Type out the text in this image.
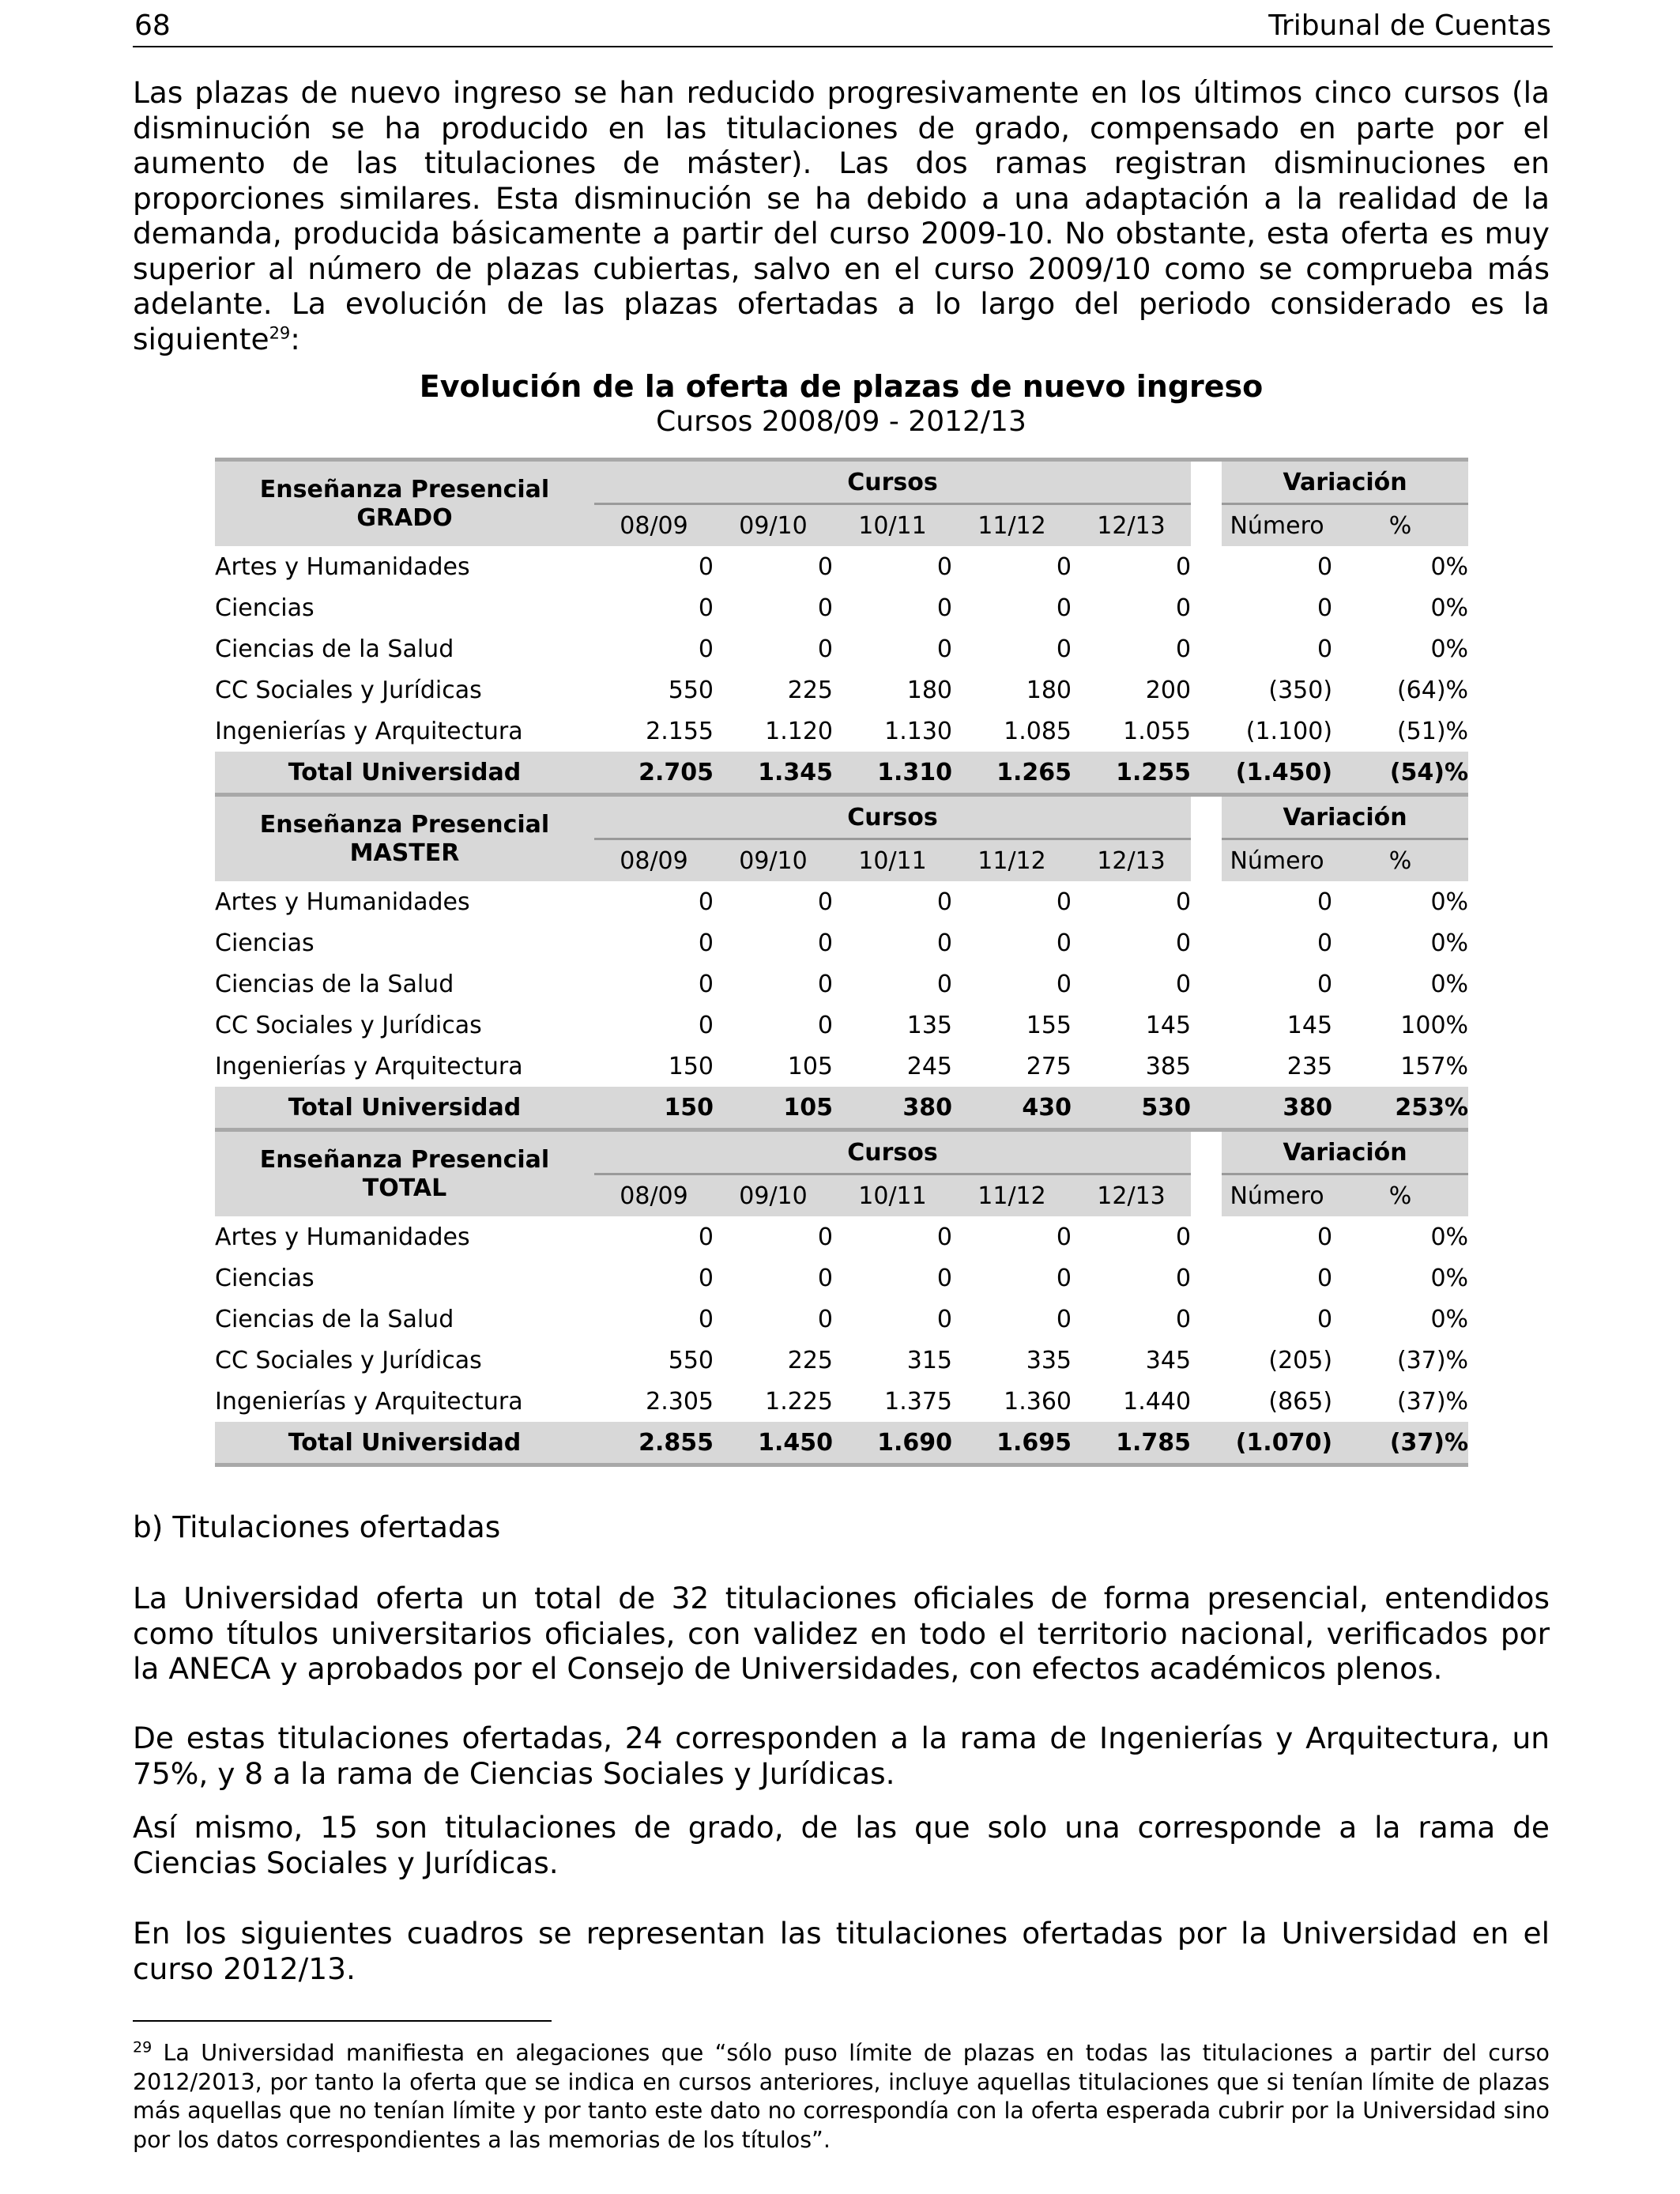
68	Tribunal de Cuentas

Las plazas de nuevo ingreso se han reducido progresivamente en los últimos cinco cursos (la disminución se ha producido en las titulaciones de grado, compensado en parte por el aumento de las titulaciones de máster). Las dos ramas registran disminuciones en proporciones similares. Esta disminución se ha debido a una adaptación a la realidad de la demanda, producida básicamente a partir del curso 2009-10. No obstante, esta oferta es muy superior al número de plazas cubiertas, salvo en el curso 2009/10 como se comprueba más adelante. La evolución de las plazas ofertadas a lo largo del periodo considerado es la siguiente$^{29}$:

Evolución de la oferta de plazas de nuevo ingreso
Cursos 2008/09 - 2012/13
Enseñanza Presencial
GRADO	Cursos						Variación	
	08/09	09/10	10/11	11/12	12/13		Número	%
Artes y Humanidades	0	0	0	0	0		0	0%
Ciencias	0	0	0	0	0		0	0%
Ciencias de la Salud	0	0	0	0	0		0	0%
CC Sociales y Jurídicas	550	225	180	180	200		(350)	(64)%
Ingenierías y Arquitectura	2.155	1.120	1.130	1.085	1.055		(1.100)	(51)%
Total Universidad	2.705	1.345	1.310	1.265	1.255		(1.450)	(54)%

Enseñanza Presencial
MASTER	Cursos						Variación	
	08/09	09/10	10/11	11/12	12/13		Número	%
Artes y Humanidades	0	0	0	0	0		0	0%
Ciencias	0	0	0	0	0		0	0%
Ciencias de la Salud	0	0	0	0	0		0	0%
CC Sociales y Jurídicas	0	0	135	155	145		145	100%
Ingenierías y Arquitectura	150	105	245	275	385		235	157%
Total Universidad	150	105	380	430	530		380	253%

Enseñanza Presencial
TOTAL	Cursos						Variación	
	08/09	09/10	10/11	11/12	12/13		Número	%
Artes y Humanidades	0	0	0	0	0		0	0%
Ciencias	0	0	0	0	0		0	0%
Ciencias de la Salud	0	0	0	0	0		0	0%
CC Sociales y Jurídicas	550	225	315	335	345		(205)	(37)%
Ingenierías y Arquitectura	2.305	1.225	1.375	1.360	1.440		(865)	(37)%
Total Universidad	2.855	1.450	1.690	1.695	1.785		(1.070)	(37)%
b) Titulaciones ofertadas
La Universidad oferta un total de 32 titulaciones oficiales de forma presencial, entendidos como títulos universitarios oficiales, con validez en todo el territorio nacional, verificados por la ANECA y aprobados por el Consejo de Universidades, con efectos académicos plenos.
De estas titulaciones ofertadas, 24 corresponden a la rama de Ingenierías y Arquitectura, un 75%, y 8 a la rama de Ciencias Sociales y Jurídicas.
Así mismo, 15 son titulaciones de grado, de las que solo una corresponde a la rama de Ciencias Sociales y Jurídicas.
En los siguientes cuadros se representan las titulaciones ofertadas por la Universidad en el curso 2012/13.

$^{29}$ La Universidad manifiesta en alegaciones que “sólo puso límite de plazas en todas las titulaciones a partir del curso 2012/2013, por tanto la oferta que se indica en cursos anteriores, incluye aquellas titulaciones que si tenían límite de plazas más aquellas que no tenían límite y por tanto este dato no correspondía con la oferta esperada cubrir por la Universidad sino por los datos correspondientes a las memorias de los títulos”.
